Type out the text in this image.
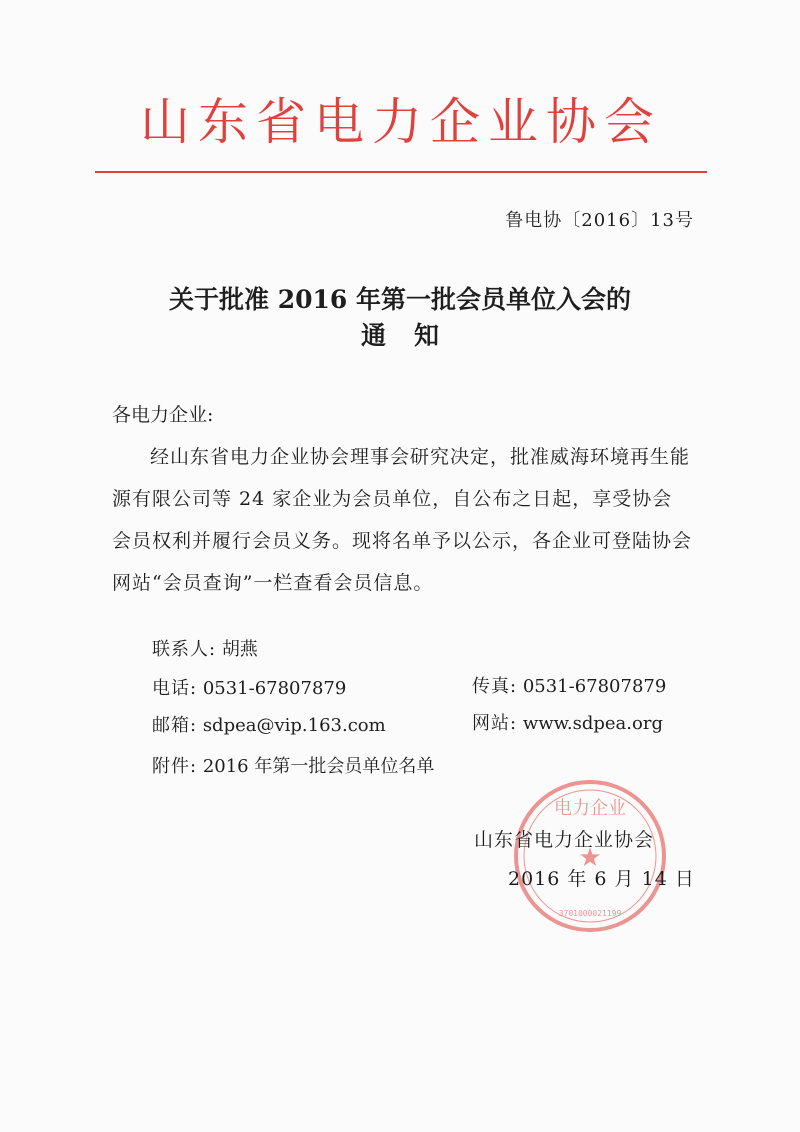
山东省电力企业协会
鲁电协〔2016〕13号
关于批准 2016 年第一批会员单位入会的
通知
各电力企业:

经山东省电力企业协会理事会研究决定，批准威海环境再生能源有限公司等 24 家企业为会员单位，自公布之日起，享受协会会员权利并履行会员义务。现将名单予以公示，各企业可登陆协会网站“会员查询”一栏查看会员信息。

联系人: 胡燕
电话: 0531-67807879	传真: 0531-67807879
邮箱: sdpea@vip.163.com	网站: www.sdpea.org
附件: 2016 年第一批会员单位名单
电力企业
★
3701000021199
山东省电力企业协会
2016 年 6 月 14 日
